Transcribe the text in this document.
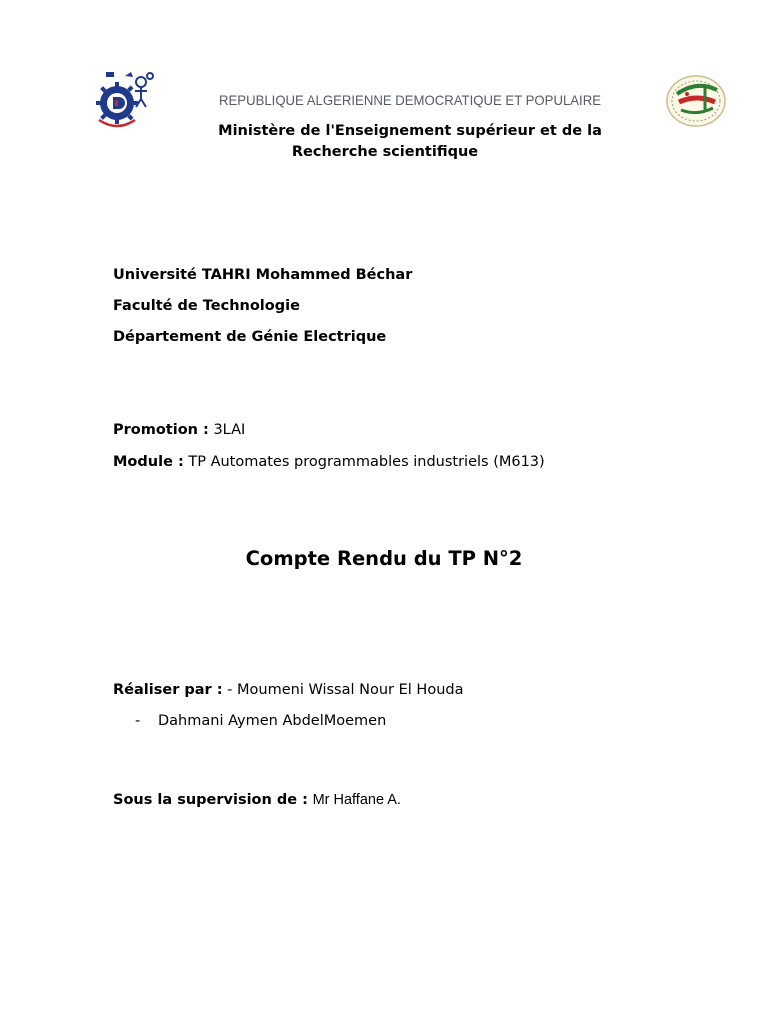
REPUBLIQUE ALGERIENNE DEMOCRATIQUE ET POPULAIRE
Ministère de l'Enseignement supérieur et de la
Recherche scientifique
Université TAHRI Mohammed Béchar
Faculté de Technologie
Département de Génie Electrique
Promotion : 3LAI
Module : TP Automates programmables industriels (M613)
Compte Rendu du TP N°2
Réaliser par : - Moumeni Wissal Nour El Houda
- Dahmani Aymen AbdelMoemen
Sous la supervision de : Mr Haffane A.
